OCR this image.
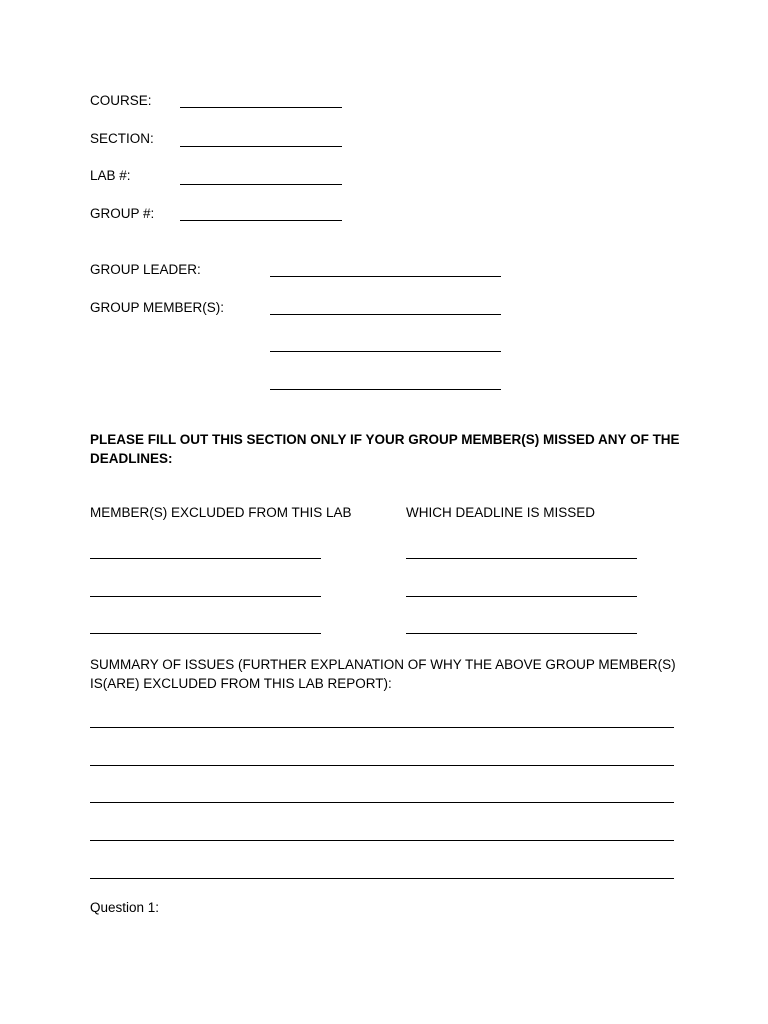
COURSE:
SECTION:
LAB #:
GROUP #:
GROUP LEADER:
GROUP MEMBER(S):
PLEASE FILL OUT THIS SECTION ONLY IF YOUR GROUP MEMBER(S) MISSED ANY OF THE DEADLINES:
MEMBER(S) EXCLUDED FROM THIS LAB	WHICH DEADLINE IS MISSED
SUMMARY OF ISSUES (FURTHER EXPLANATION OF WHY THE ABOVE GROUP MEMBER(S) IS(ARE) EXCLUDED FROM THIS LAB REPORT):
Question 1:
